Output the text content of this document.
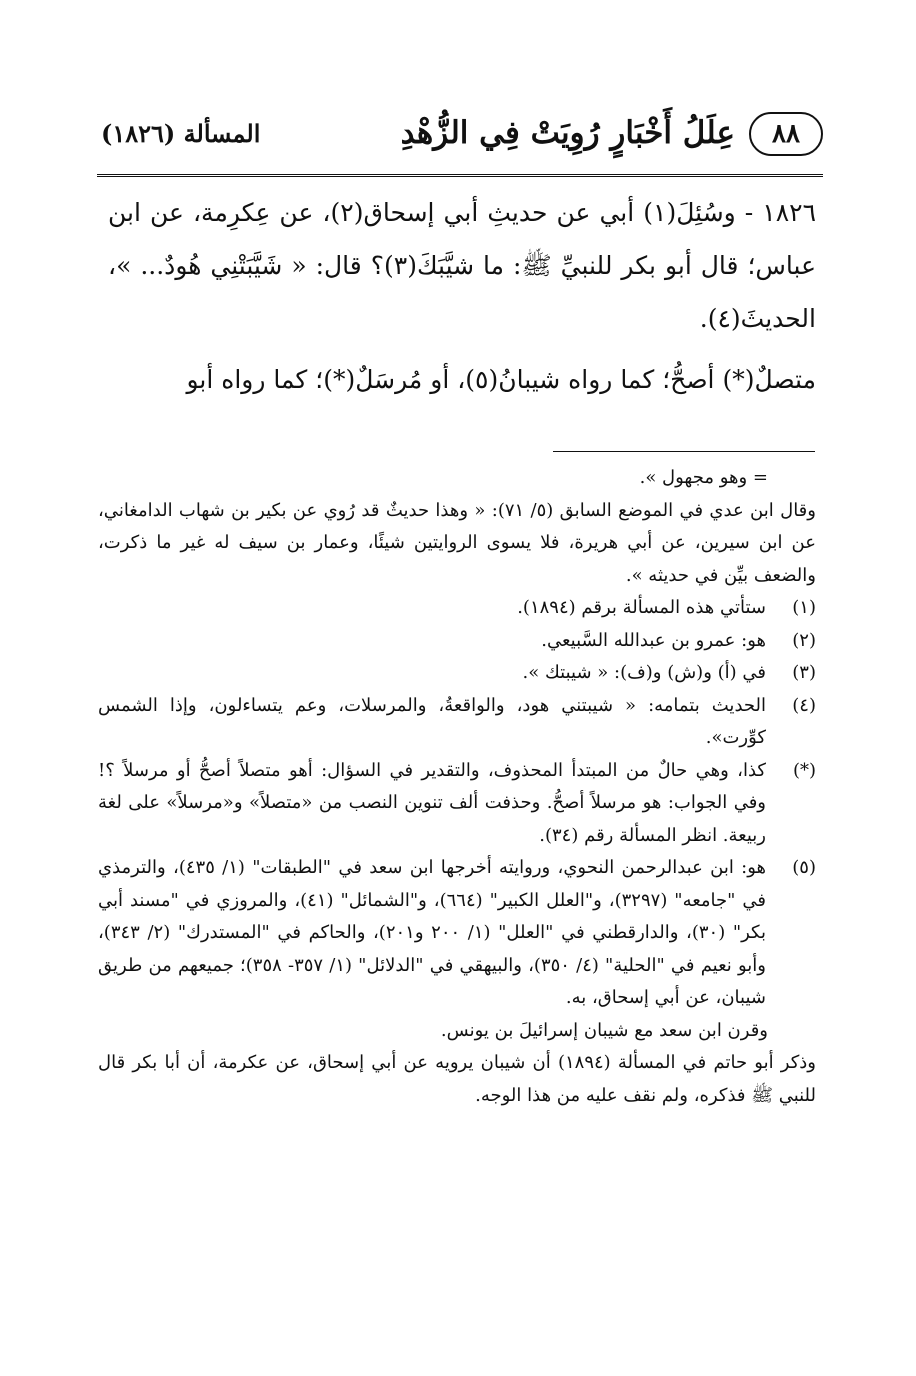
٨٨
عِلَلُ أَخْبَارٍ رُوِيَتْ فِي الزُّهْدِ
المسألة (١٨٢٦)

١٨٢٦ - وسُئِلَ(١) أبي عن حديثِ أبي إسحاق(٢)، عن عِكرِمة، عن ابن عباس؛ قال أبو بكر للنبيِّ ﷺ: ما شيَّبَكَ(٣)؟ قال: « شَيَّبَتْنِي هُودٌ... »، الحديثَ(٤).

متصلٌ(*) أصحُّ؛ كما رواه شيبانُ(٥)، أو مُرسَلٌ(*)؛ كما رواه أبو

= وهو مجهول ».

وقال ابن عدي في الموضع السابق (٥/ ٧١): « وهذا حديثٌ قد رُوي عن بكير بن شهاب الدامغاني، عن ابن سيرين، عن أبي هريرة، فلا يسوى الروايتين شيئًا، وعمار بن سيف له غير ما ذكرت، والضعف بيِّن في حديثه ».

(١)
ستأتي هذه المسألة برقم (١٨٩٤).
(٢)
هو: عمرو بن عبدالله السَّبيعي.
(٣)
في (أ) و(ش) و(ف): « شيبتك ».
(٤)
الحديث بتمامه: « شيبتني هود، والواقعةُ، والمرسلات، وعم يتساءلون، وإذا الشمس كوِّرت».
(*)
كذا، وهي حالٌ من المبتدأ المحذوف، والتقدير في السؤال: أهو متصلاً أصحُّ أو مرسلاً ؟! وفي الجواب: هو مرسلاً أصحُّ. وحذفت ألف تنوين النصب من «متصلاً» و«مرسلاً» على لغة ربيعة. انظر المسألة رقم (٣٤).
(٥)
هو: ابن عبدالرحمن النحوي، وروايته أخرجها ابن سعد في "الطبقات" (١/ ٤٣٥)، والترمذي في "جامعه" (٣٢٩٧)، و"العلل الكبير" (٦٦٤)، و"الشمائل" (٤١)، والمروزي في "مسند أبي بكر" (٣٠)، والدارقطني في "العلل" (١/ ٢٠٠ و٢٠١)، والحاكم في "المستدرك" (٢/ ٣٤٣)، وأبو نعيم في "الحلية" (٤/ ٣٥٠)، والبيهقي في "الدلائل" (١/ ٣٥٧- ٣٥٨)؛ جميعهم من طريق شيبان، عن أبي إسحاق، به.

وقرن ابن سعد مع شيبان إسرائيلَ بن يونس.

وذكر أبو حاتم في المسألة (١٨٩٤) أن شيبان يرويه عن أبي إسحاق، عن عكرمة، أن أبا بكر قال للنبي ﷺ فذكره، ولم نقف عليه من هذا الوجه.
